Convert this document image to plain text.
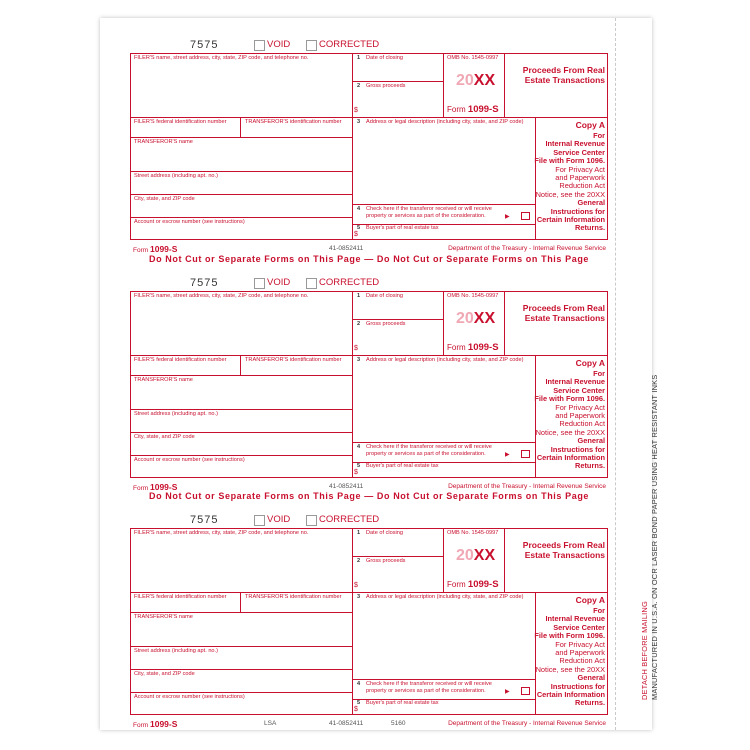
DETACH BEFORE MAILING MANUFACTURED IN U.S.A. ON OCR LASER BOND PAPER USING HEAT RESISTANT INKS
7575	VOID	CORRECTED
FILER'S name, street address, city, state, ZIP code, and telephone no.	1 Date of closing
2 Gross proceeds
$
OMB No. 1545-0997
20XX
Form 1099-S
Proceeds From Real
Estate Transactions
FILER'S federal identification number	TRANSFEROR'S identification number	3 Address or legal description (including city, state, and ZIP code)
TRANSFEROR'S name
Street address (including apt. no.)
City, state, and ZIP code
Account or escrow number (see instructions)
4 Check here if the transferor received or will receive
property or services as part of the consideration.	▶
5 Buyer's part of real estate tax
$
Copy A
For
Internal Revenue
Service Center
File with Form 1096.
For Privacy Act
and Paperwork
Reduction Act
Notice, see the 20XX
General
Instructions for
Certain Information
Returns.
Form 1099-S	41-0852411	Department of the Treasury - Internal Revenue Service
Do Not Cut or Separate Forms on This Page — Do Not Cut or Separate Forms on This Page
7575	VOID	CORRECTED
FILER'S name, street address, city, state, ZIP code, and telephone no.	1 Date of closing
2 Gross proceeds
$
OMB No. 1545-0997
20XX
Form 1099-S
Proceeds From Real
Estate Transactions
FILER'S federal identification number	TRANSFEROR'S identification number	3 Address or legal description (including city, state, and ZIP code)
TRANSFEROR'S name
Street address (including apt. no.)
City, state, and ZIP code
Account or escrow number (see instructions)
4 Check here if the transferor received or will receive
property or services as part of the consideration.	▶
5 Buyer's part of real estate tax
$
Copy A
For
Internal Revenue
Service Center
File with Form 1096.
For Privacy Act
and Paperwork
Reduction Act
Notice, see the 20XX
General
Instructions for
Certain Information
Returns.
Form 1099-S	41-0852411	Department of the Treasury - Internal Revenue Service
Do Not Cut or Separate Forms on This Page — Do Not Cut or Separate Forms on This Page
7575	VOID	CORRECTED
FILER'S name, street address, city, state, ZIP code, and telephone no.	1 Date of closing
2 Gross proceeds
$
OMB No. 1545-0997
20XX
Form 1099-S
Proceeds From Real
Estate Transactions
FILER'S federal identification number	TRANSFEROR'S identification number	3 Address or legal description (including city, state, and ZIP code)
TRANSFEROR'S name
Street address (including apt. no.)
City, state, and ZIP code
Account or escrow number (see instructions)
4 Check here if the transferor received or will receive
property or services as part of the consideration.	▶
5 Buyer's part of real estate tax
$
Copy A
For
Internal Revenue
Service Center
File with Form 1096.
For Privacy Act
and Paperwork
Reduction Act
Notice, see the 20XX
General
Instructions for
Certain Information
Returns.
Form 1099-S	41-0852411	Department of the Treasury - Internal Revenue Service
LSA	5160
